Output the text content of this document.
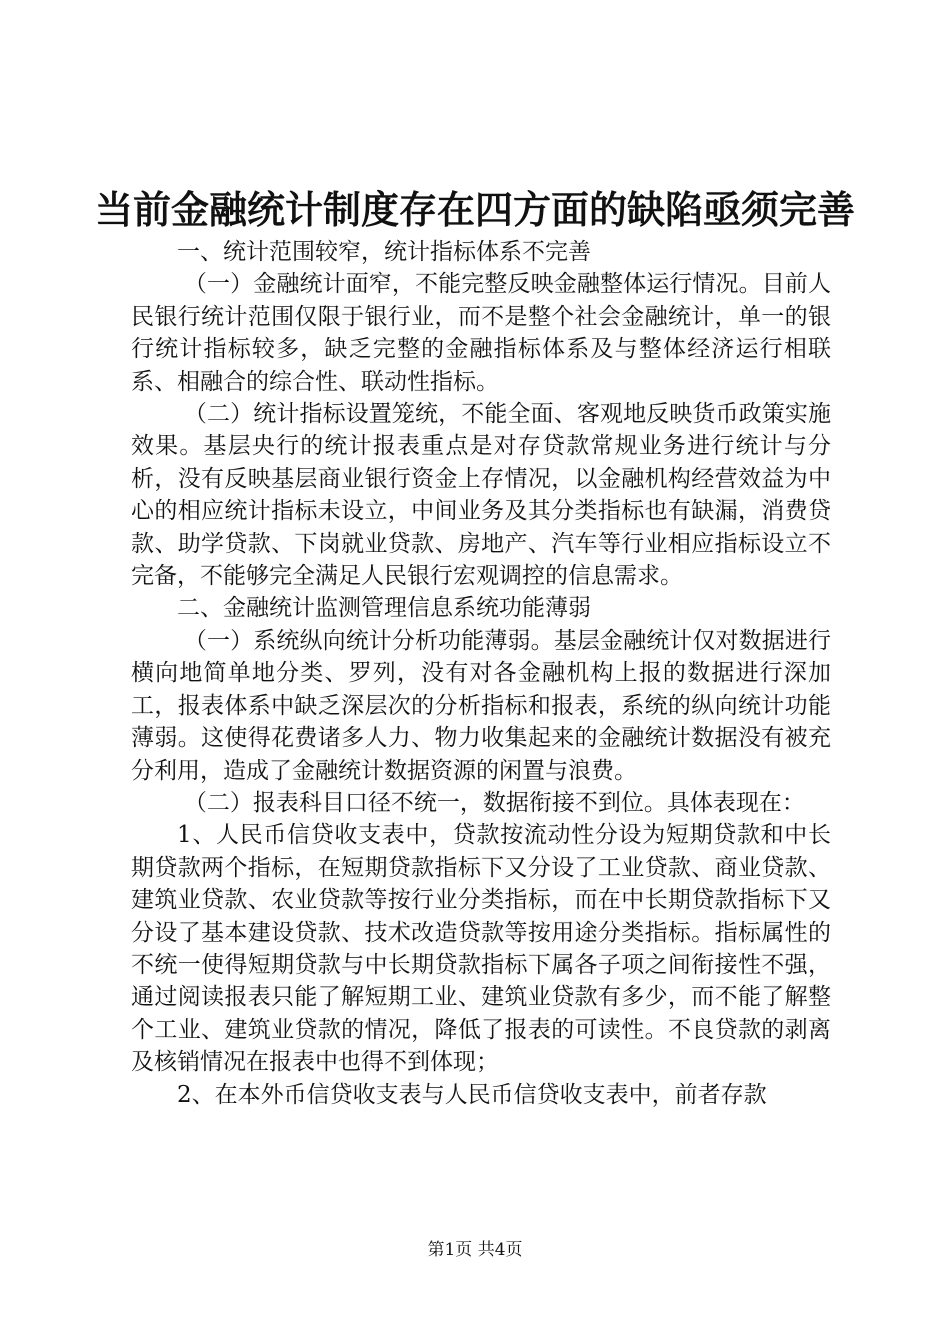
当前金融统计制度存在四方面的缺陷亟须完善

一、统计范围较窄，统计指标体系不完善

（一）金融统计面窄，不能完整反映金融整体运行情况。目前人民银行统计范围仅限于银行业，而不是整个社会金融统计，单一的银行统计指标较多，缺乏完整的金融指标体系及与整体经济运行相联系、相融合的综合性、联动性指标。

（二）统计指标设置笼统，不能全面、客观地反映货币政策实施效果。基层央行的统计报表重点是对存贷款常规业务进行统计与分析，没有反映基层商业银行资金上存情况，以金融机构经营效益为中心的相应统计指标未设立，中间业务及其分类指标也有缺漏，消费贷款、助学贷款、下岗就业贷款、房地产、汽车等行业相应指标设立不完备，不能够完全满足人民银行宏观调控的信息需求。

二、金融统计监测管理信息系统功能薄弱

（一）系统纵向统计分析功能薄弱。基层金融统计仅对数据进行横向地简单地分类、罗列，没有对各金融机构上报的数据进行深加工，报表体系中缺乏深层次的分析指标和报表，系统的纵向统计功能薄弱。这使得花费诸多人力、物力收集起来的金融统计数据没有被充分利用，造成了金融统计数据资源的闲置与浪费。

（二）报表科目口径不统一，数据衔接不到位。具体表现在：

1、人民币信贷收支表中，贷款按流动性分设为短期贷款和中长期贷款两个指标，在短期贷款指标下又分设了工业贷款、商业贷款、建筑业贷款、农业贷款等按行业分类指标，而在中长期贷款指标下又分设了基本建设贷款、技术改造贷款等按用途分类指标。指标属性的不统一使得短期贷款与中长期贷款指标下属各子项之间衔接性不强，通过阅读报表只能了解短期工业、建筑业贷款有多少，而不能了解整个工业、建筑业贷款的情况，降低了报表的可读性。不良贷款的剥离及核销情况在报表中也得不到体现；

2、在本外币信贷收支表与人民币信贷收支表中，前者存款

第1页 共4页
